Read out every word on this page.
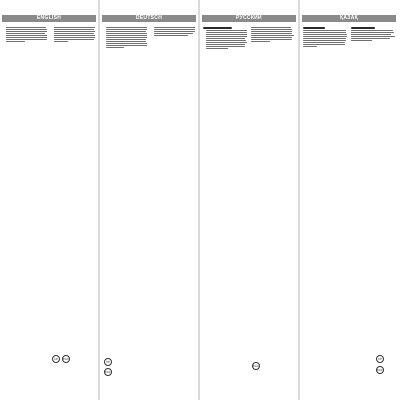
ENGLISH
CE	EAC
DEUTSCH
CE
EAC
РУССКИЙ
EAC
ҚАЗАҚ
CE
EAC
